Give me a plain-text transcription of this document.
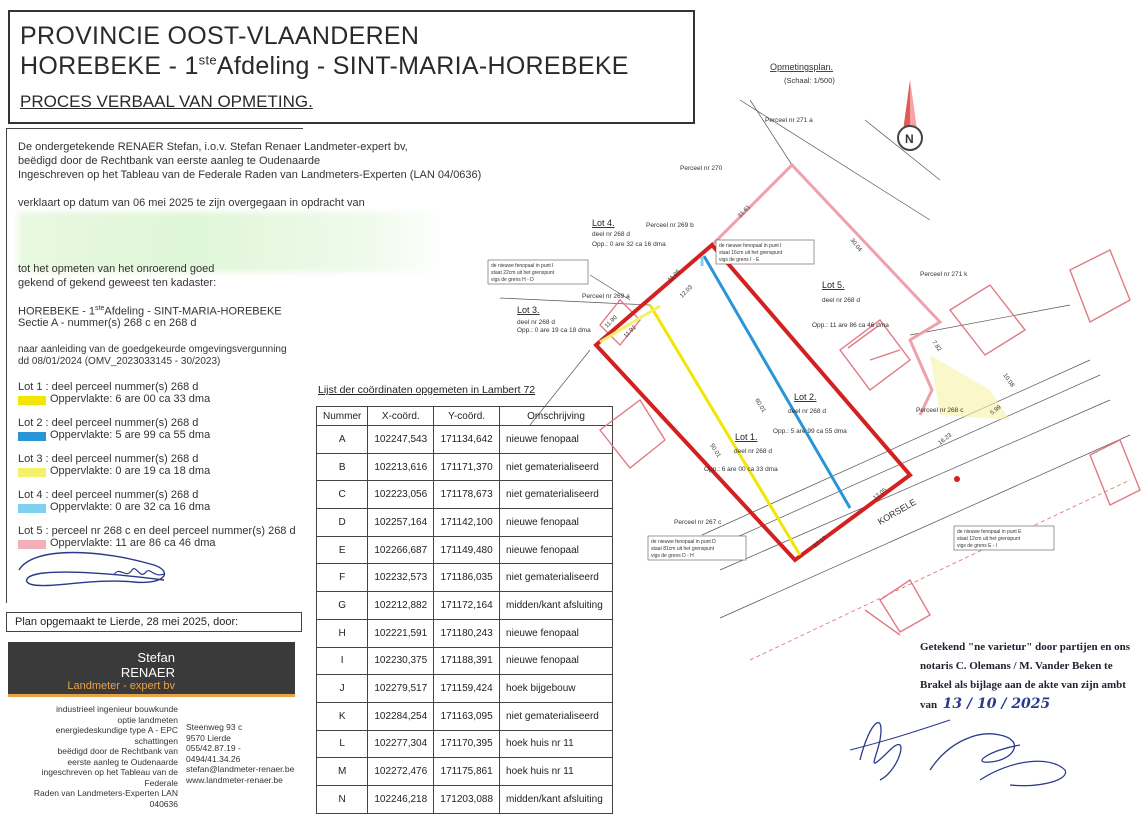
PROVINCIE OOST-VLAANDEREN
HOREBEKE - 1steAfdeling - SINT-MARIA-HOREBEKE
PROCES VERBAAL VAN OPMETING.
De ondergetekende RENAER Stefan, i.o.v. Stefan Renaer Landmeter-expert bv,
beëdigd door de Rechtbank van eerste aanleg te Oudenaarde
Ingeschreven op het Tableau van de Federale Raden van Landmeters-Experten (LAN 04/0636)
verklaart op datum van 06 mei 2025 te zijn overgegaan in opdracht van
tot het opmeten van het onroerend goed
gekend of gekend geweest ten kadaster:
HOREBEKE - 1steAfdeling - SINT-MARIA-HOREBEKE
Sectie A - nummer(s) 268 c en 268 d
naar aanleiding van de goedgekeurde omgevingsvergunning
dd 08/01/2024 (OMV_2023033145 - 30/2023)
Lot 1 : deel perceel nummer(s) 268 d
Oppervlakte: 6 are 00 ca 33 dma
Lot 2 : deel perceel nummer(s) 268 d
Oppervlakte: 5 are 99 ca 55 dma
Lot 3 : deel perceel nummer(s) 268 d
Oppervlakte: 0 are 19 ca 18 dma
Lot 4 : deel perceel nummer(s) 268 d
Oppervlakte: 0 are 32 ca 16 dma
Lot 5 : perceel nr 268 c en deel perceel nummer(s) 268 d
Oppervlakte: 11 are 86 ca 46 dma
Plan opgemaakt te Lierde, 28 mei 2025, door:
Stefan
RENAER
Landmeter - expert bv
industrieel ingenieur bouwkunde
optie landmeten
energiedeskundige type A - EPC
schattingen
beëdigd door de Rechtbank van
eerste aanleg te Oudenaarde
ingeschreven op het Tableau van de Federale
Raden van Landmeters-Experten LAN 040636
Steenweg 93 c
9570 Lierde
055/42.87.19 - 0494/41.34.26
stefan@landmeter-renaer.be
www.landmeter-renaer.be
Lijst der coördinaten opgemeten in Lambert 72
Nummer	X-coörd.	Y-coörd.	Omschrijving
A	102247,543	171134,642	nieuwe fenopaal
B	102213,616	171171,370	niet gematerialiseerd
C	102223,056	171178,673	niet gematerialiseerd
D	102257,164	171142,100	nieuwe fenopaal
E	102266,687	171149,480	nieuwe fenopaal
F	102232,573	171186,035	niet gematerialiseerd
G	102212,882	171172,164	midden/kant afsluiting
H	102221,591	171180,243	nieuwe fenopaal
I	102230,375	171188,391	nieuwe fenopaal
J	102279,517	171159,424	hoek bijgebouw
K	102284,254	171163,095	niet gematerialiseerd
L	102277,304	171170,395	hoek huis nr 11
M	102272,476	171175,861	hoek huis nr 11
N	102246,218	171203,088	midden/kant afsluiting
Opmetingsplan.
(Schaal: 1/500)
N
Perceel nr 271 a
Perceel nr 270
Perceel nr 269 b
Perceel nr 269 a
Perceel nr 271 k
Perceel nr 268 c
Perceel nr 267 c
Lot 5.
deel nr 268 d
Opp.: 11 are 86 ca 46 dma
Lot 2.
deel nr 268 d
Opp.: 5 are 99 ca 55 dma
Lot 1.
deel nr 268 d
Opp.: 6 are 00 ca 33 dma
Lot 3.
deel nr 268 d
Opp.: 0 are 19 ca 18 dma
Lot 4.
deel nr 268 d
Opp.: 0 are 32 ca 16 dma
31.61
11.05
12.03
11.92
11.90
30.04
60.01
50.01
12.05
12.17
7.82
10.08
5.99
16.23
KORSELE
de nieuwe fenopaal in punt I
staat 16cm uit het grenspunt
vigs de grens I - E
de nieuwe fenopaal in punt I
staat 22cm uit het grenspunt
vigs de grens H - D
de nieuwe fenopaal in punt D
staat 81cm uit het grenspunt
vigs de grens D - H
de nieuwe fenopaal in punt E
staat 12cm uit het grenspunt
vigs de grens E - I
Getekend "ne varietur" door partijen en ons
notaris C. Olemans / M. Vander Beken te
Brakel als bijlage aan de akte van zijn ambt
van 13 / 10 / 2025
